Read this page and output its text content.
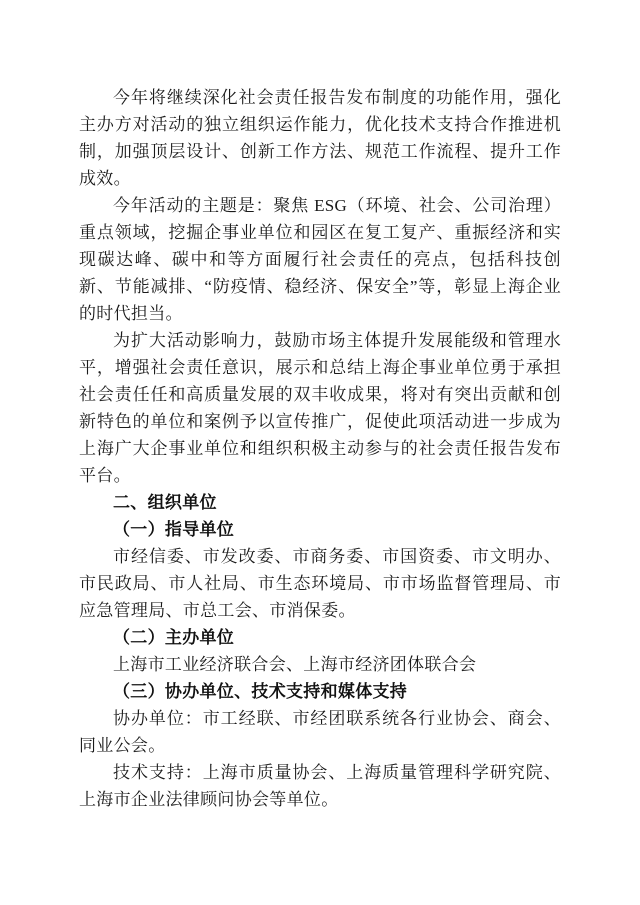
今年将继续深化社会责任报告发布制度的功能作用，强化主办方对活动的独立组织运作能力，优化技术支持合作推进机制，加强顶层设计、创新工作方法、规范工作流程、提升工作成效。

今年活动的主题是：聚焦 ESG（环境、社会、公司治理）重点领域，挖掘企事业单位和园区在复工复产、重振经济和实现碳达峰、碳中和等方面履行社会责任的亮点，包括科技创新、节能减排、“防疫情、稳经济、保安全”等，彰显上海企业的时代担当。

为扩大活动影响力，鼓励市场主体提升发展能级和管理水平，增强社会责任意识，展示和总结上海企事业单位勇于承担社会责任任和高质量发展的双丰收成果，将对有突出贡献和创新特色的单位和案例予以宣传推广，促使此项活动进一步成为上海广大企事业单位和组织积极主动参与的社会责任报告发布平台。

二、组织单位

（一）指导单位

市经信委、市发改委、市商务委、市国资委、市文明办、市民政局、市人社局、市生态环境局、市市场监督管理局、市应急管理局、市总工会、市消保委。

（二）主办单位

上海市工业经济联合会、上海市经济团体联合会

（三）协办单位、技术支持和媒体支持

协办单位：市工经联、市经团联系统各行业协会、商会、同业公会。

技术支持：上海市质量协会、上海质量管理科学研究院、上海市企业法律顾问协会等单位。
